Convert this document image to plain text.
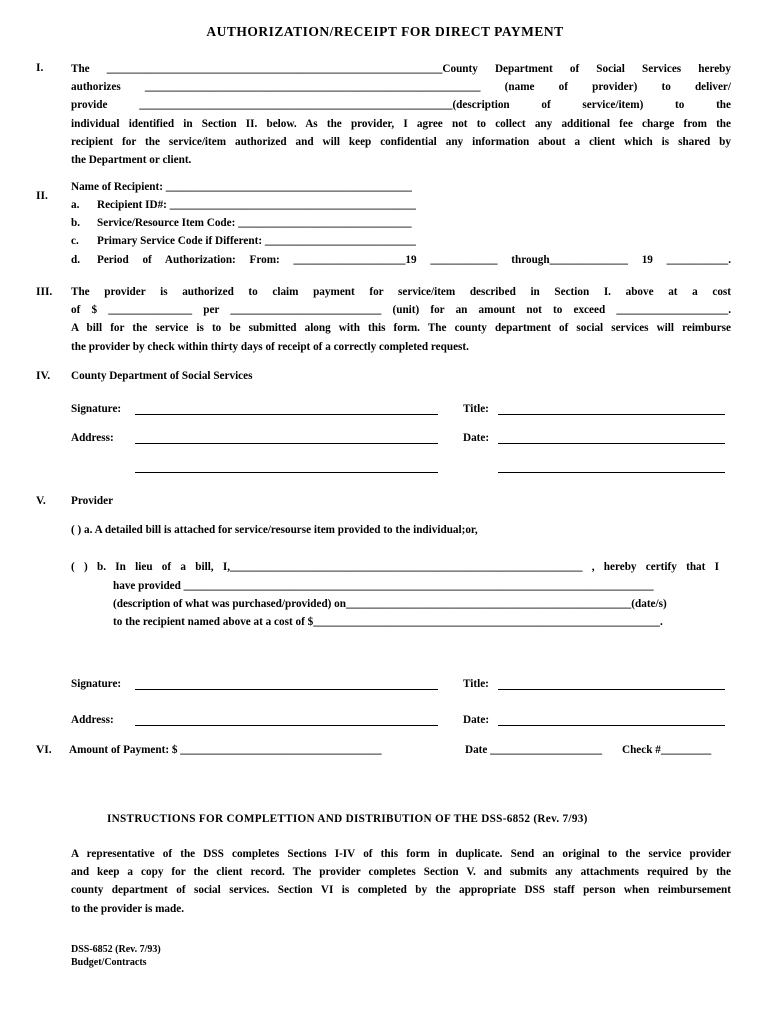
AUTHORIZATION/RECEIPT FOR DIRECT PAYMENT
I. The ____________________________________________________________County Department of Social Services hereby
authorizes ____________________________________________________________ (name of provider) to deliver/
provide ________________________________________________________(description of service/item) to the
individual identified in Section II. below. As the provider, I agree not to collect any additional fee charge from the
recipient for the service/item authorized and will keep confidential any information about a client which is shared by
the Department or client.
II.
Name of Recipient: ____________________________________________
a. Recipient ID#: ____________________________________________
b. Service/Resource Item Code: _______________________________
c. Primary Service Code if Different: ___________________________
d. Period of Authorization: From: ____________________19 ____________ through______________ 19 ___________.
III. The provider is authorized to claim payment for service/item described in Section I. above at a cost
of $ _______________ per ___________________________ (unit) for an amount not to exceed ____________________.
A bill for the service is to be submitted along with this form. The county department of social services will reimburse
the provider by check within thirty days of receipt of a correctly completed request.
IV. County Department of Social Services
Signature:	Title:
Address:	Date:
V. Provider
( ) a. A detailed bill is attached for service/resourse item provided to the individual;or,
( ) b. In lieu of a bill, I,_______________________________________________________________ , hereby certify that I
have provided ____________________________________________________________________________________
(description of what was purchased/provided) on___________________________________________________(date/s)
to the recipient named above at a cost of $______________________________________________________________.
Signature:	Title:
Address:	Date:
VI. Amount of Payment: $ ____________________________________	Date ____________________ Check #_________
INSTRUCTIONS FOR COMPLETTION AND DISTRIBUTION OF THE DSS-6852 (Rev. 7/93)
A representative of the DSS completes Sections I-IV of this form in duplicate. Send an original to the service provider
and keep a copy for the client record. The provider completes Section V. and submits any attachments required by the
county department of social services. Section VI is completed by the appropriate DSS staff person when reimbursement
to the provider is made.
DSS-6852 (Rev. 7/93)
Budget/Contracts
